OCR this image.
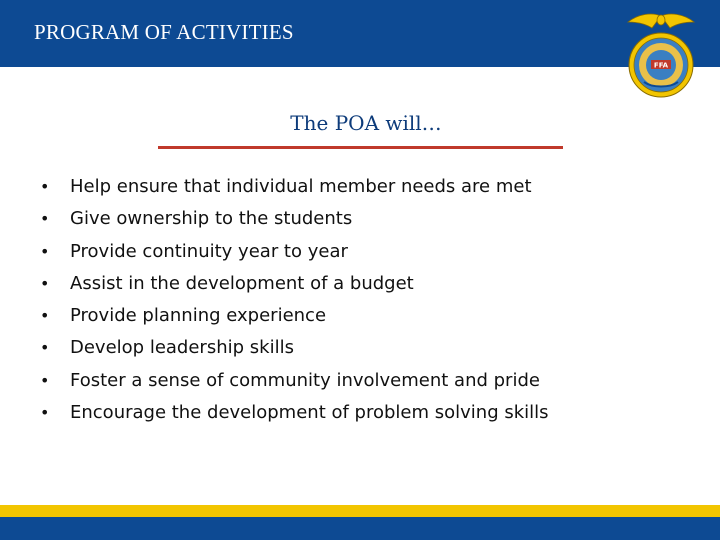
PROGRAM OF ACTIVITIES
FFA
The POA will…
•	Help ensure that individual member needs are met
•	Give ownership to the students
•	Provide continuity year to year
•	Assist in the development of a budget
•	Provide planning experience
•	Develop leadership skills
•	Foster a sense of community involvement and pride
•	Encourage the development of problem solving skills
